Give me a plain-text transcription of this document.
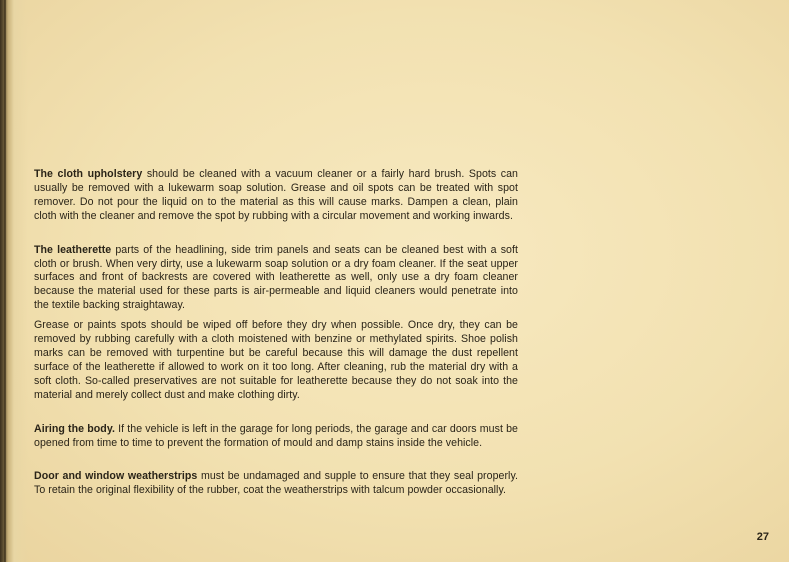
The cloth upholstery should be cleaned with a vacuum cleaner or a fairly hard brush. Spots can usually be removed with a lukewarm soap solution. Grease and oil spots can be treated with spot remover. Do not pour the liquid on to the material as this will cause marks. Dampen a clean, plain cloth with the cleaner and remove the spot by rubbing with a circular movement and working inwards.

The leatherette parts of the headlining, side trim panels and seats can be cleaned best with a soft cloth or brush. When very dirty, use a lukewarm soap solution or a dry foam cleaner. If the seat upper surfaces and front of backrests are covered with leatherette as well, only use a dry foam cleaner because the material used for these parts is air-permeable and liquid cleaners would penetrate into the textile backing straightaway.

Grease or paints spots should be wiped off before they dry when possible. Once dry, they can be removed by rubbing carefully with a cloth moistened with benzine or methylated spirits. Shoe polish marks can be removed with turpentine but be careful because this will damage the dust repellent surface of the leatherette if allowed to work on it too long. After cleaning, rub the material dry with a soft cloth. So-called preservatives are not suitable for leatherette because they do not soak into the material and merely collect dust and make clothing dirty.

Airing the body. If the vehicle is left in the garage for long periods, the garage and car doors must be opened from time to time to prevent the formation of mould and damp stains inside the vehicle.

Door and window weatherstrips must be undamaged and supple to ensure that they seal properly. To retain the original flexibility of the rubber, coat the weatherstrips with talcum powder occasionally.

27
